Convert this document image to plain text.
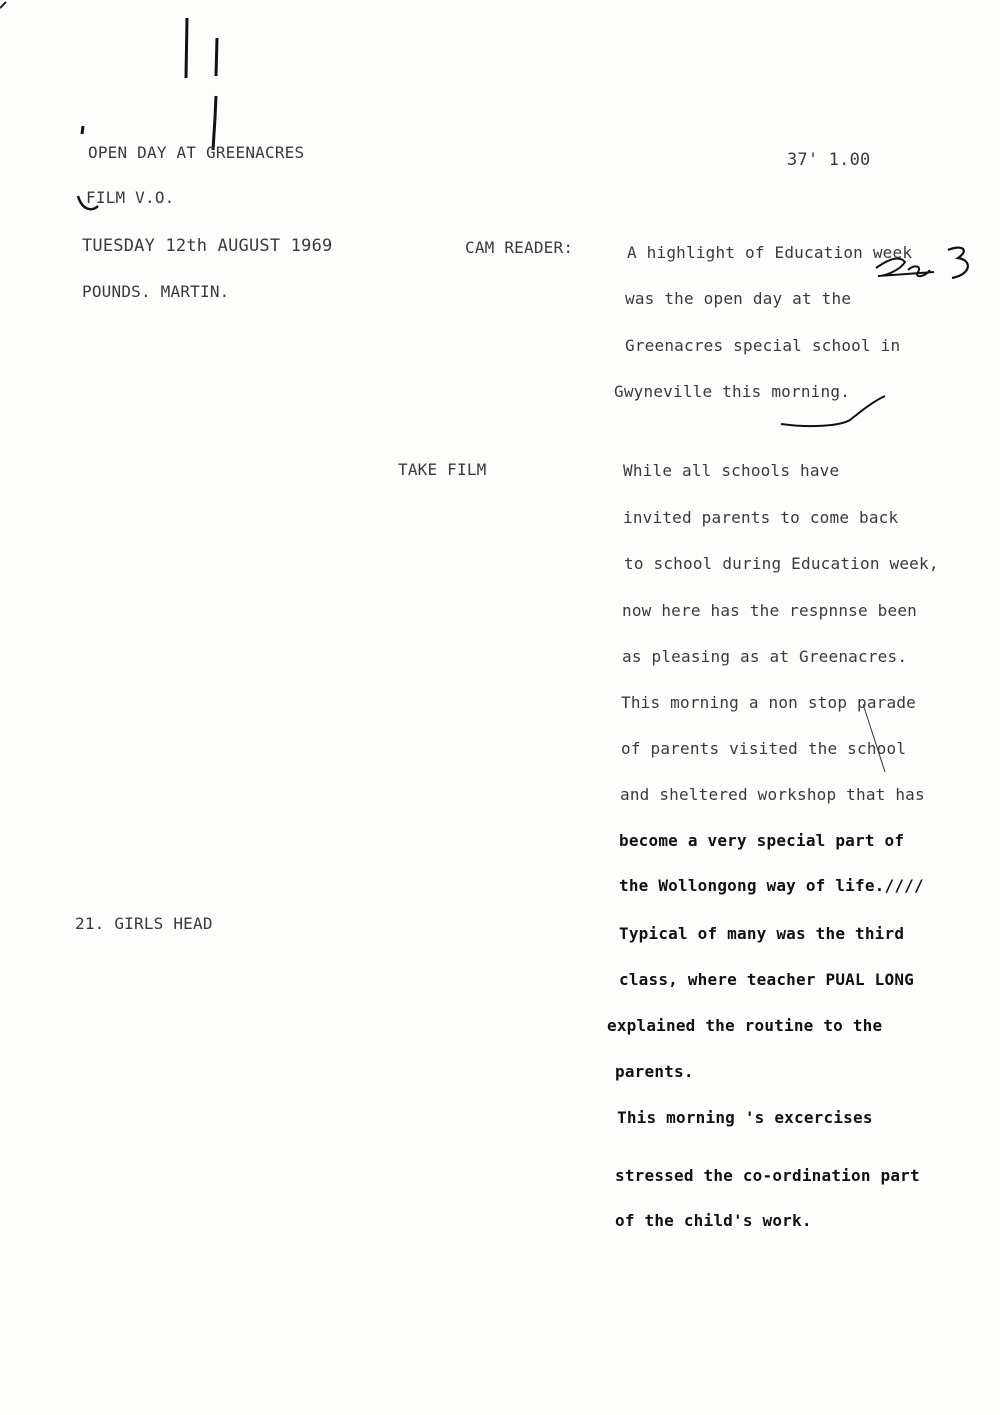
OPEN DAY AT GREENACRES
FILM V.O.
TUESDAY 12th AUGUST 1969
POUNDS. MARTIN.
37' 1.00
CAM READER:
TAKE FILM
21. GIRLS HEAD
A highlight of Education week
was the open day at the
Greenacres special school in
Gwyneville this morning.
While all schools have
invited parents to come back
to school during Education week,
now here has the respnnse been
as pleasing as at Greenacres.
This morning a non stop parade
of parents visited the school
and sheltered workshop that has
become a very special part of
the Wollongong way of life.////
Typical of many was the third
class, where teacher PUAL LONG
explained the routine to the
parents.
This morning 's excercises
stressed the co-ordination part
of the child's work.
